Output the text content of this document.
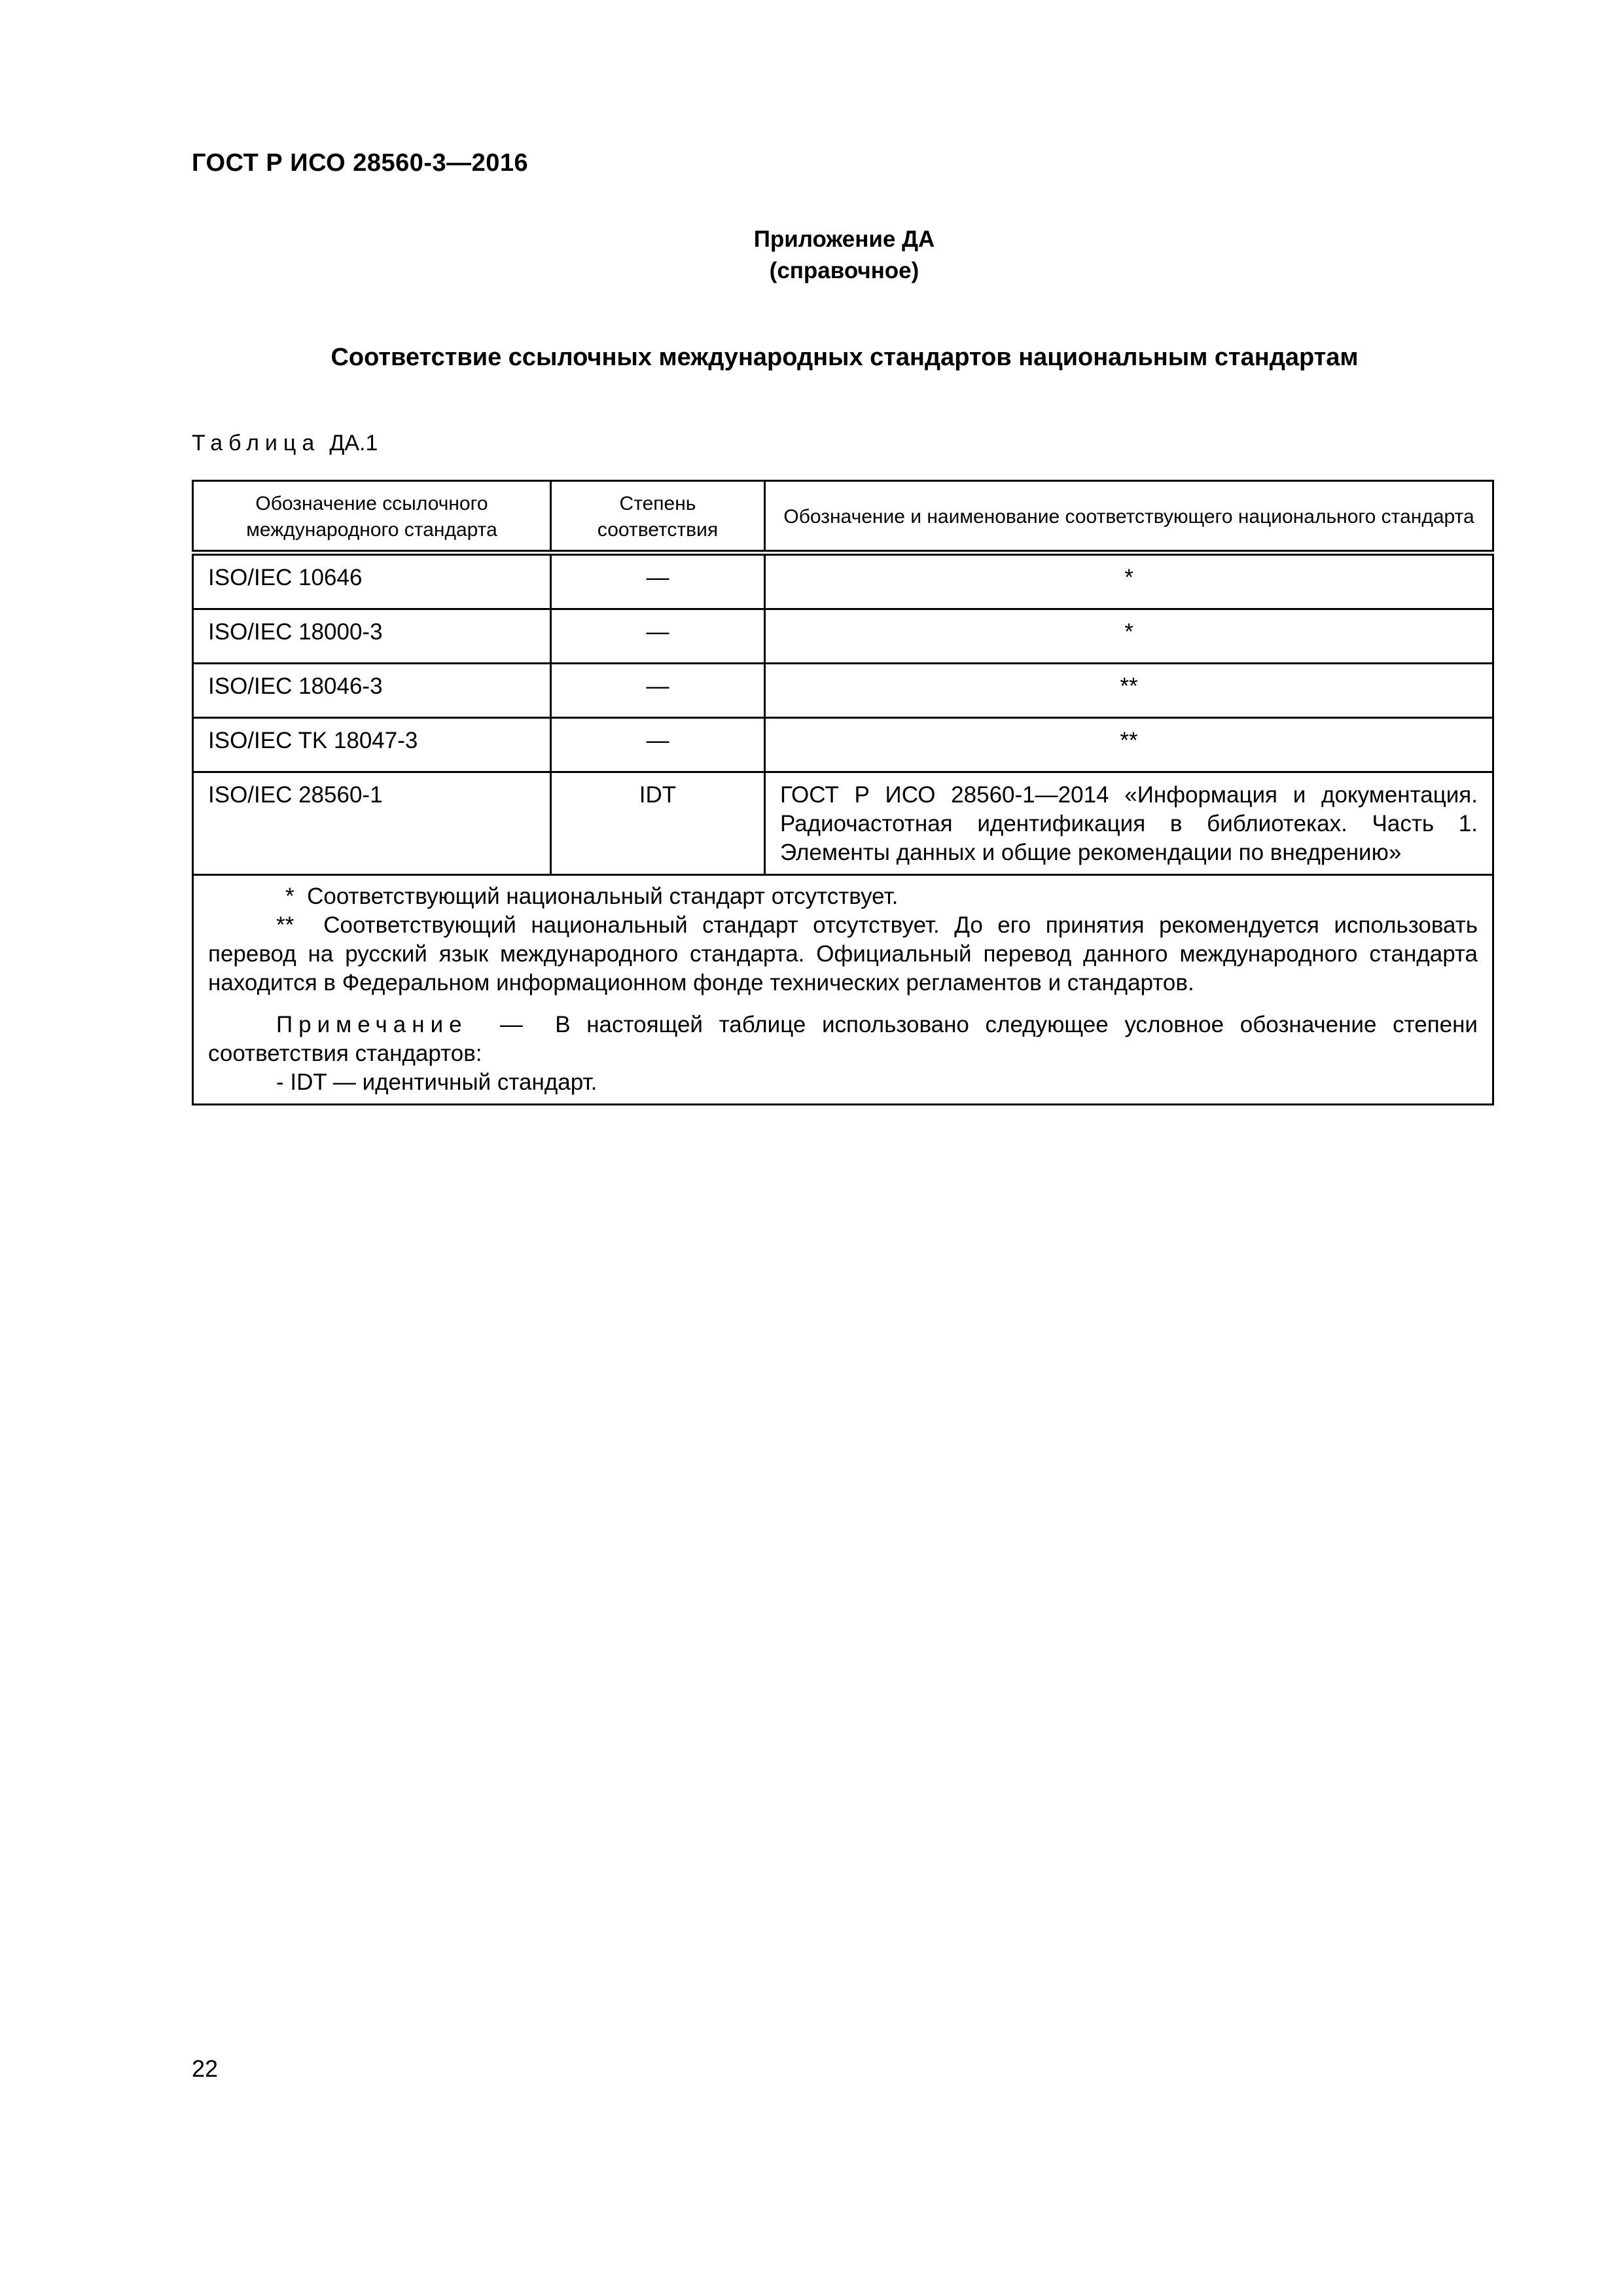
ГОСТ Р ИСО 28560-3—2016
Приложение ДА
(справочное)
Соответствие ссылочных международных стандартов национальным стандартам
Таблица ДА.1
Обозначение ссылочного международного стандарта	Степень соответствия	Обозначение и наименование соответствующего национального стандарта
ISO/IEC 10646	—	*
ISO/IEC 18000-3	—	*
ISO/IEC 18046-3	—	**
ISO/IEC TK 18047-3	—	**
ISO/IEC 28560-1	IDT	ГОСТ Р ИСО 28560-1—2014 «Информация и документация. Радиочастотная идентификация в библиотеках. Часть 1. Элементы данных и общие рекомендации по внедрению»

* Соответствующий национальный стандарт отсутствует.
** Соответствующий национальный стандарт отсутствует. До его принятия рекомендуется использовать перевод на русский язык международного стандарта. Официальный перевод данного международного стандарта находится в Федеральном информационном фонде технических регламентов и стандартов.
Примечание — В настоящей таблице использовано следующее условное обозначение степени соответствия стандартов:
- IDT — идентичный стандарт.		
22
